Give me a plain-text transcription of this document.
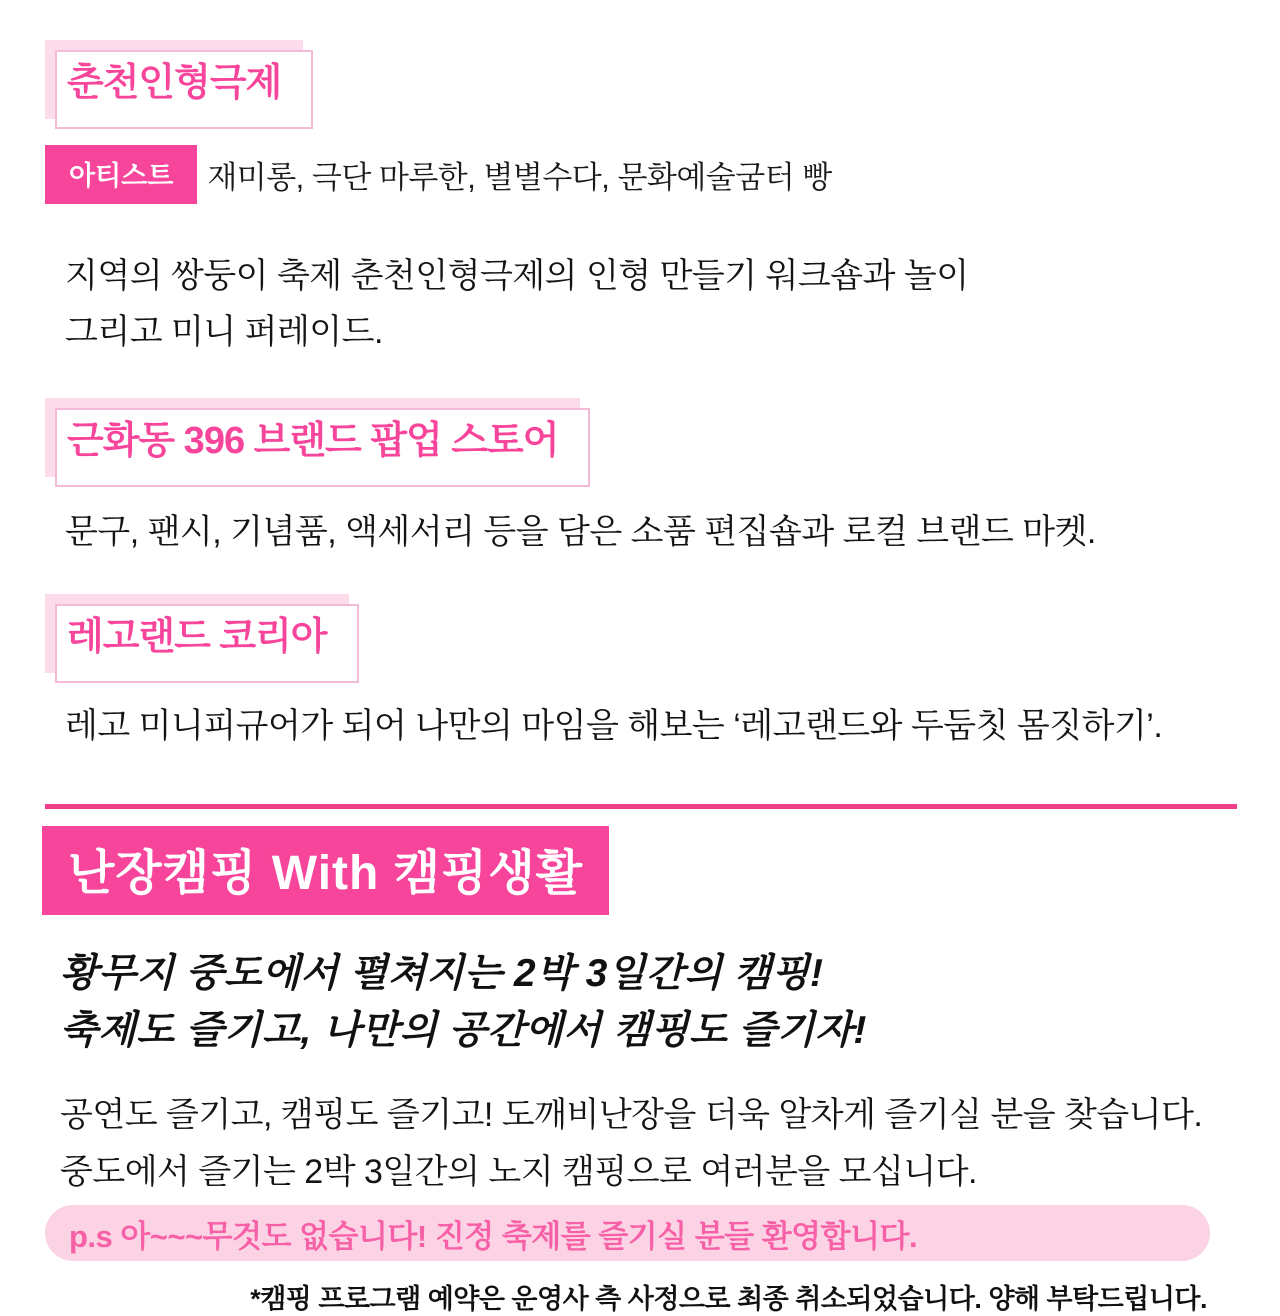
춘천인형극제
아티스트	재미롱, 극단 마루한, 별별수다, 문화예술굼터 빵
지역의 쌍둥이 축제 춘천인형극제의 인형 만들기 워크숍과 놀이
그리고 미니 퍼레이드.
근화동 396 브랜드 팝업 스토어
문구, 팬시, 기념품, 액세서리 등을 담은 소품 편집숍과 로컬 브랜드 마켓.
레고랜드 코리아
레고 미니피규어가 되어 나만의 마임을 해보는 ‘레고랜드와 두둠칫 몸짓하기’.
난장캠핑 With 캠핑생활
황무지 중도에서 펼쳐지는 2박 3일간의 캠핑!
축제도 즐기고, 나만의 공간에서 캠핑도 즐기자!
공연도 즐기고, 캠핑도 즐기고! 도깨비난장을 더욱 알차게 즐기실 분을 찾습니다.
중도에서 즐기는 2박 3일간의 노지 캠핑으로 여러분을 모십니다.
p.s 아~~~무것도 없습니다! 진정 축제를 즐기실 분들 환영합니다.
*캠핑 프로그램 예약은 운영사 측 사정으로 최종 취소되었습니다. 양해 부탁드립니다.
